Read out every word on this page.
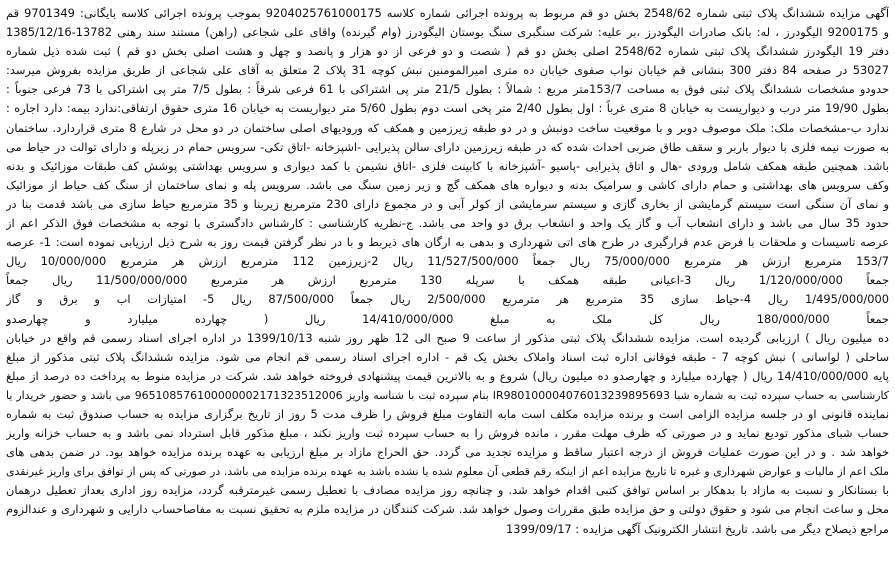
آگهی مزایده ششدانگ پلاک ثبتی شماره 2548/62 بخش دو قم مربوط به پرونده اجرائی شماره کلاسه 9204025761000175 بموجب پرونده اجرائی کلاسه بایگانی: 9701349 قم
و 9200175 الیگودرز ، له: بانک صادرات الیگودرز ،بر علیه: شرکت سنگبری سنگ بوستان الیگودرز (وام گیرنده) واقای علی شجاعی (راهن) مستند سند رهنی 13782-1385/12/16
دفتر 19 الیگودرز ششدانگ پلاک ثبتی شماره 2548/62 اصلی بخش دو قم ( شصت و دو فرعی از دو هزار و پانصد و چهل و هشت اصلی بخش دو قم ) ثبت شده ذیل شماره
53027 در صفحه 84 دفتر 300 بنشانی قم خیابان نواب صفوی خیابان ده متری امیرالمومنین نبش کوچه 31 پلاک 2 متعلق به آقای علی شجاعی از طریق مزایده بفروش میرسد:
حدودو مشخصات ششدانگ پلاک ثبتی فوق به مساحت 153/7متر مربع : شمالاً : بطول 21/5 متر پی اشتراکی با 61 فرعی شرقاً : بطول 7/5 متر پی اشتراکی با 73 فرعی جنوباً :
بطول 19/90 متر درب و دیواریست به خیابان 8 متری غرباً : اول بطول 2/40 متر پخی است دوم بطول 5/60 متر دیواریست به خیابان 16 متری حقوق ارتفاقی:ندارد بیمه: دارد اجاره :
ندارد ب-مشخصات ملک: ملک موصوف دوبر و با موقعیت ساخت دونبش و در دو طبقه زیرزمین و همکف که ورودیهای اصلی ساختمان در دو محل در شارع 8 متری قراردارد. ساختمان
به صورت نیمه فلزی با دیوار باربر و سقف طاق ضربی احداث شده که در طبقه زیرزمین دارای سالن پذیرایی -اشپزخانه -اتاق تکی- سرویس حمام در زیرپله و دارای توالت در حیاط می
باشد. همچنین طبقه همکف شامل ورودی -هال و اتاق پذیرایی -پاسیو -آشپزخانه با کابینت فلزی -اتاق نشیمن با کمد دیواری و سرویس بهداشتی پوشش کف طبقات موزائیک و بدنه
وکف سرویس های بهداشتی و حمام دارای کاشی و سرامیک بدنه و دیواره های همکف گچ و زیر زمین سنگ می باشد. سرویس پله و نمای ساختمان از سنگ کف حیاط از موزائیک
و نمای آن سنگی است سیستم گرمایشی از بخاری گازی و سیستم سرمایشی از کولر آبی و در مجموع دارای 230 مترمربع زیربنا و 35 مترمربع حیاط سازی می باشد قدمت بنا در
حدود 35 سال می باشد و دارای انشعاب آب و گاز یک واحد و انشعاب برق دو واحد می باشد. ج-نظریه کارشناسی : کارشناس دادگستری با توجه به مشخصات فوق الذکر اعم از
عرصه تاسیسات و ملحقات با فرض عدم قرارگیری در طرح های اتی شهرداری و بدهی به ارگان های ذیربط و با در نظر گرفتن قیمت روز به شرح ذیل ارزیابی نموده است: 1- عرصه
153/7 مترمربع ارزش هر مترمربع 75/000/000 ریال جمعاً 11/527/500/000 ریال 2-زیرزمین 112 مترمربع ارزش هر مترمربع 10/000/000 ریال
جمعاً 1/120/000/000 ریال 3-اعیانی طبقه همکف با سرپله 130 مترمربع ارزش هر مترمربع 11/500/000/000 ریال جمعاً
1/495/000/000 ریال 4-حیاط سازی 35 مترمربع هر مترمربع 2/500/000 ریال جمعاً 87/500/000 ریال 5- امتیازات اب و برق و گاز
جمعاً 180/000/000 ریال کل ملک به مبلغ 14/410/000/000 ریال ( چهارده میلیارد و چهارصدو
ده میلیون ریال ) ارزیابی گردیده است. مزایده ششدانگ پلاک ثبتی مذکور از ساعت 9 صبح الی 12 ظهر روز شنبه 1399/10/13 در اداره اجرای اسناد رسمی قم واقع در خیابان
ساحلی ( لواسانی ) نبش کوچه 7 - طبقه فوقانی اداره ثبت اسناد واملاک بخش یک قم - اداره اجرای اسناد رسمی قم انجام می شود. مزایده ششدانگ پلاک ثبتی مذکور از مبلغ
پایه 14/410/000/000 ریال ( چهارده میلیارد و چهارصدو ده میلیون ریال) شروع و به بالاترین قیمت پیشنهادی فروخته خواهد شد. شرکت در مزایده منوط به پرداخت ده درصد از مبلغ
کارشناسی به حساب سپرده ثبت به شماره شبا IR980100004076013239895693 بنام سپرده ثبت با شناسه واریز 965108576100000002171323512006 می باشد و حضور خریدار یا
نماینده قانونی او در جلسه مزایده الزامی است و برنده مزایده مکلف است مابه التفاوت مبلغ فروش را ظرف مدت 5 روز از تاریخ برگزاری مزایده به حساب صندوق ثبت به شماره
حساب شبای مذکور تودیع نماید و در صورتی که ظرف مهلت مقرر ، مانده فروش را به حساب سپرده ثبت واریز نکند ، مبلغ مذکور قابل استرداد نمی باشد و به حساب خزانه واریز
خواهد شد . و در این صورت عملیات فروش از درجه اعتبار ساقط و مزایده تجدید می گردد. حق الحراج مازاد بر مبلغ ارزیابی به عهده برنده مزایده خواهد بود. در ضمن بدهی های
ملک اعم از مالیات و عوارض شهرداری و غیره تا تاریخ مزایده اعم از اینکه رقم قطعی آن معلوم شده یا نشده باشد به عهده برنده مزایده می باشد. در صورتی که پس از توافق برای واریز غیرنقدی
با بستانکار و نسبت به مازاد با بدهکار بر اساس توافق کتبی اقدام خواهد شد. و چنانچه روز مزایده مصادف با تعطیل رسمی غیرمترقبه گردد، مزایده روز اداری بعداز تعطیل درهمان
محل و ساعت انجام می شود و حقوق دولتی و حق مزایده طبق مقررات وصول خواهد شد. شرکت کنندگان در مزایده ملزم به تحقیق نسبت به مفاصاحساب دارایی و شهرداری و عندالزوم
مراجع ذیصلاح دیگر می باشد. تاریخ انتشار الکترونیک آگهی مزایده : 1399/09/17
